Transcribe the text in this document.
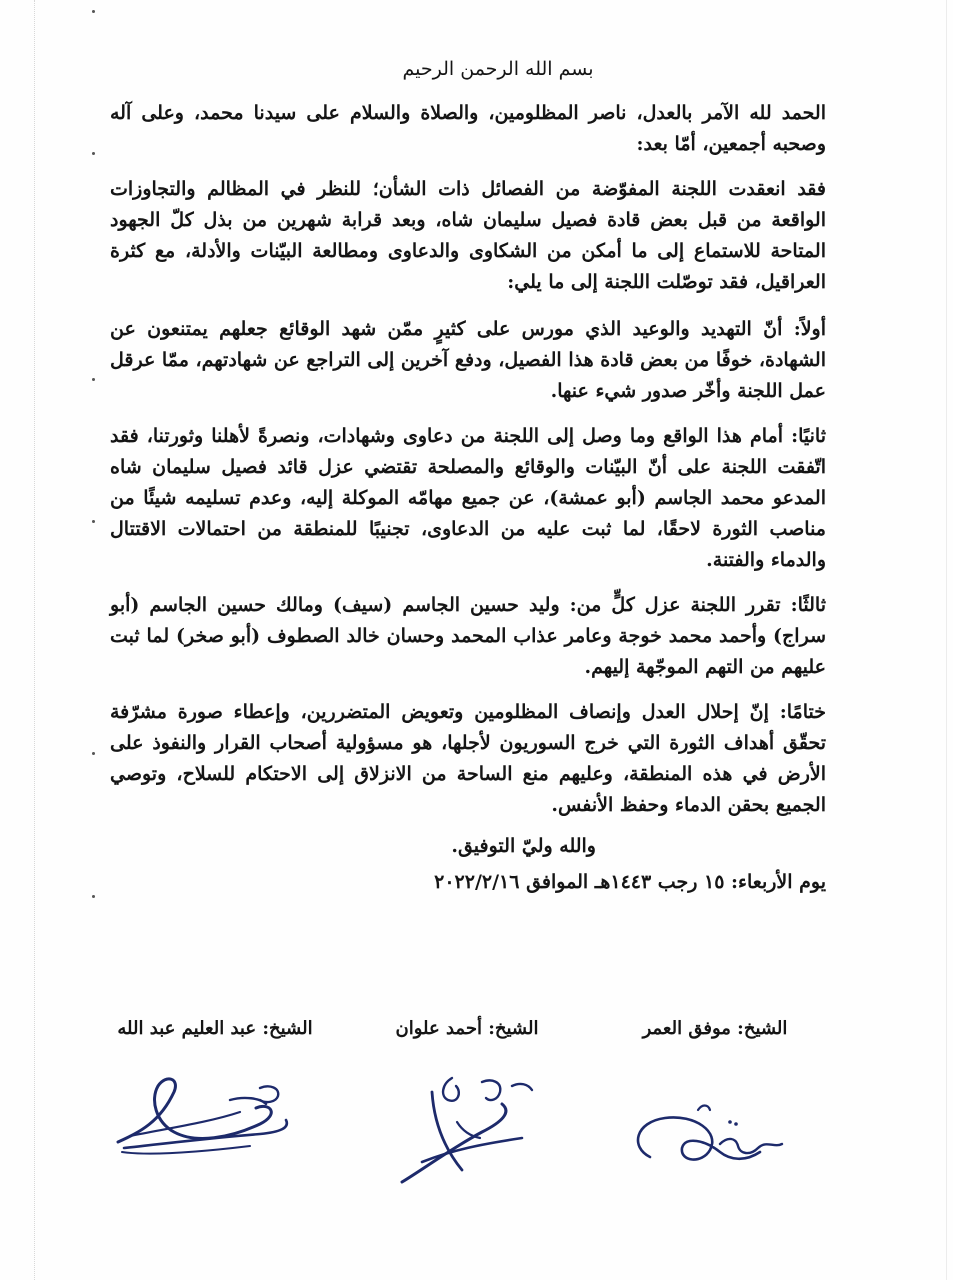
بسم الله الرحمن الرحيم

الحمد لله الآمر بالعدل، ناصر المظلومين، والصلاة والسلام على سيدنا محمد، وعلى آله وصحبه أجمعين، أمّا بعد:

فقد انعقدت اللجنة المفوّضة من الفصائل ذات الشأن؛ للنظر في المظالم والتجاوزات الواقعة من قبل بعض قادة فصيل سليمان شاه، وبعد قرابة شهرين من بذل كلّ الجهود المتاحة للاستماع إلى ما أمكن من الشكاوى والدعاوى ومطالعة البيّنات والأدلة، مع كثرة العراقيل، فقد توصّلت اللجنة إلى ما يلي:

أولاً: أنّ التهديد والوعيد الذي مورس على كثيرٍ ممّن شهد الوقائع جعلهم يمتنعون عن الشهادة، خوفًا من بعض قادة هذا الفصيل، ودفع آخرين إلى التراجع عن شهادتهم، ممّا عرقل عمل اللجنة وأخّر صدور شيء عنها.

ثانيًا: أمام هذا الواقع وما وصل إلى اللجنة من دعاوى وشهادات، ونصرةً لأهلنا وثورتنا، فقد اتّفقت اللجنة على أنّ البيّنات والوقائع والمصلحة تقتضي عزل قائد فصيل سليمان شاه المدعو محمد الجاسم (أبو عمشة)، عن جميع مهامّه الموكلة إليه، وعدم تسليمه شيئًا من مناصب الثورة لاحقًا، لما ثبت عليه من الدعاوى، تجنيبًا للمنطقة من احتمالات الاقتتال والدماء والفتنة.

ثالثًا: تقرر اللجنة عزل كلٍّ من: وليد حسين الجاسم (سيف) ومالك حسين الجاسم (أبو سراج) وأحمد محمد خوجة وعامر عذاب المحمد وحسان خالد الصطوف (أبو صخر) لما ثبت عليهم من التهم الموجّهة إليهم.

ختامًا: إنّ إحلال العدل وإنصاف المظلومين وتعويض المتضررين، وإعطاء صورة مشرّفة تحقّق أهداف الثورة التي خرج السوريون لأجلها، هو مسؤولية أصحاب القرار والنفوذ على الأرض في هذه المنطقة، وعليهم منع الساحة من الانزلاق إلى الاحتكام للسلاح، وتوصي الجميع بحقن الدماء وحفظ الأنفس.

والله وليّ التوفيق.

يوم الأربعاء: ١٥ رجب ١٤٤٣هـ الموافق ٢٠٢٢/٢/١٦

الشيخ: موفق العمر
الشيخ: أحمد علوان
الشيخ: عبد العليم عبد الله
